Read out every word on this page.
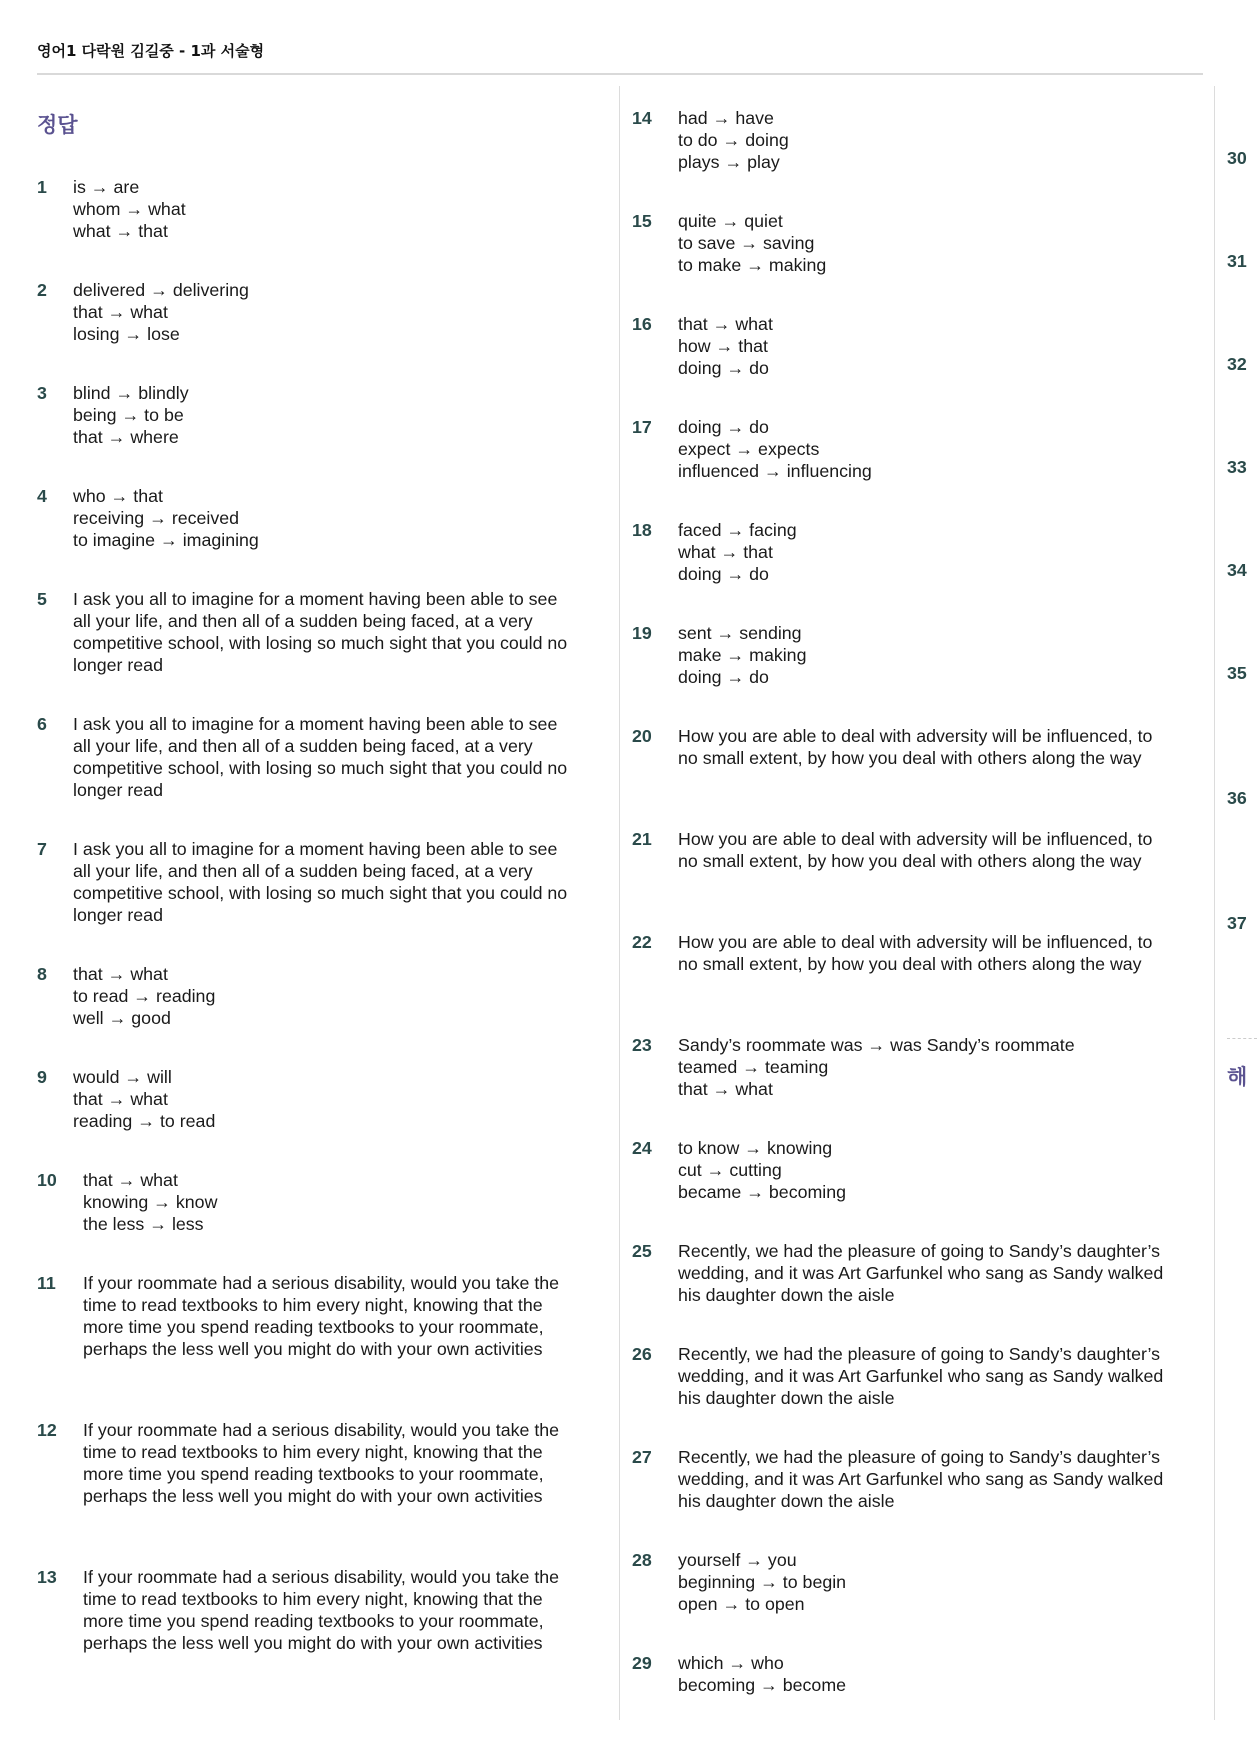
영어1 다락원 김길중 - 1과 서술형
정답
1 is → are
whom → what
what → that
2 delivered → delivering
that → what
losing → lose
3 blind → blindly
being → to be
that → where
4 who → that
receiving → received
to imagine → imagining
5 I ask you all to imagine for a moment having been able to see all your life, and then all of a sudden being faced, at a very competitive school, with losing so much sight that you could no longer read
6 I ask you all to imagine for a moment having been able to see all your life, and then all of a sudden being faced, at a very competitive school, with losing so much sight that you could no longer read
7 I ask you all to imagine for a moment having been able to see all your life, and then all of a sudden being faced, at a very competitive school, with losing so much sight that you could no longer read
8 that → what
to read → reading
well → good
9 would → will
that → what
reading → to read
10 that → what
knowing → know
the less → less
11 If your roommate had a serious disability, would you take the time to read textbooks to him every night, knowing that the more time you spend reading textbooks to your roommate, perhaps the less well you might do with your own activities
12 If your roommate had a serious disability, would you take the time to read textbooks to him every night, knowing that the more time you spend reading textbooks to your roommate, perhaps the less well you might do with your own activities
13 If your roommate had a serious disability, would you take the time to read textbooks to him every night, knowing that the more time you spend reading textbooks to your roommate, perhaps the less well you might do with your own activities
14 had → have
to do → doing
plays → play
15 quite → quiet
to save → saving
to make → making
16 that → what
how → that
doing → do
17 doing → do
expect → expects
influenced → influencing
18 faced → facing
what → that
doing → do
19 sent → sending
make → making
doing → do
20 How you are able to deal with adversity will be influenced, to no small extent, by how you deal with others along the way
21 How you are able to deal with adversity will be influenced, to no small extent, by how you deal with others along the way
22 How you are able to deal with adversity will be influenced, to no small extent, by how you deal with others along the way
23 Sandy’s roommate was → was Sandy’s roommate
teamed → teaming
that → what
24 to know → knowing
cut → cutting
became → becoming
25 Recently, we had the pleasure of going to Sandy’s daughter’s wedding, and it was Art Garfunkel who sang as Sandy walked his daughter down the aisle
26 Recently, we had the pleasure of going to Sandy’s daughter’s wedding, and it was Art Garfunkel who sang as Sandy walked his daughter down the aisle
27 Recently, we had the pleasure of going to Sandy’s daughter’s wedding, and it was Art Garfunkel who sang as Sandy walked his daughter down the aisle
28 yourself → you
beginning → to begin
open → to open
29 which → who
becoming → become
30
31
32
33
34
35
36
37
해
